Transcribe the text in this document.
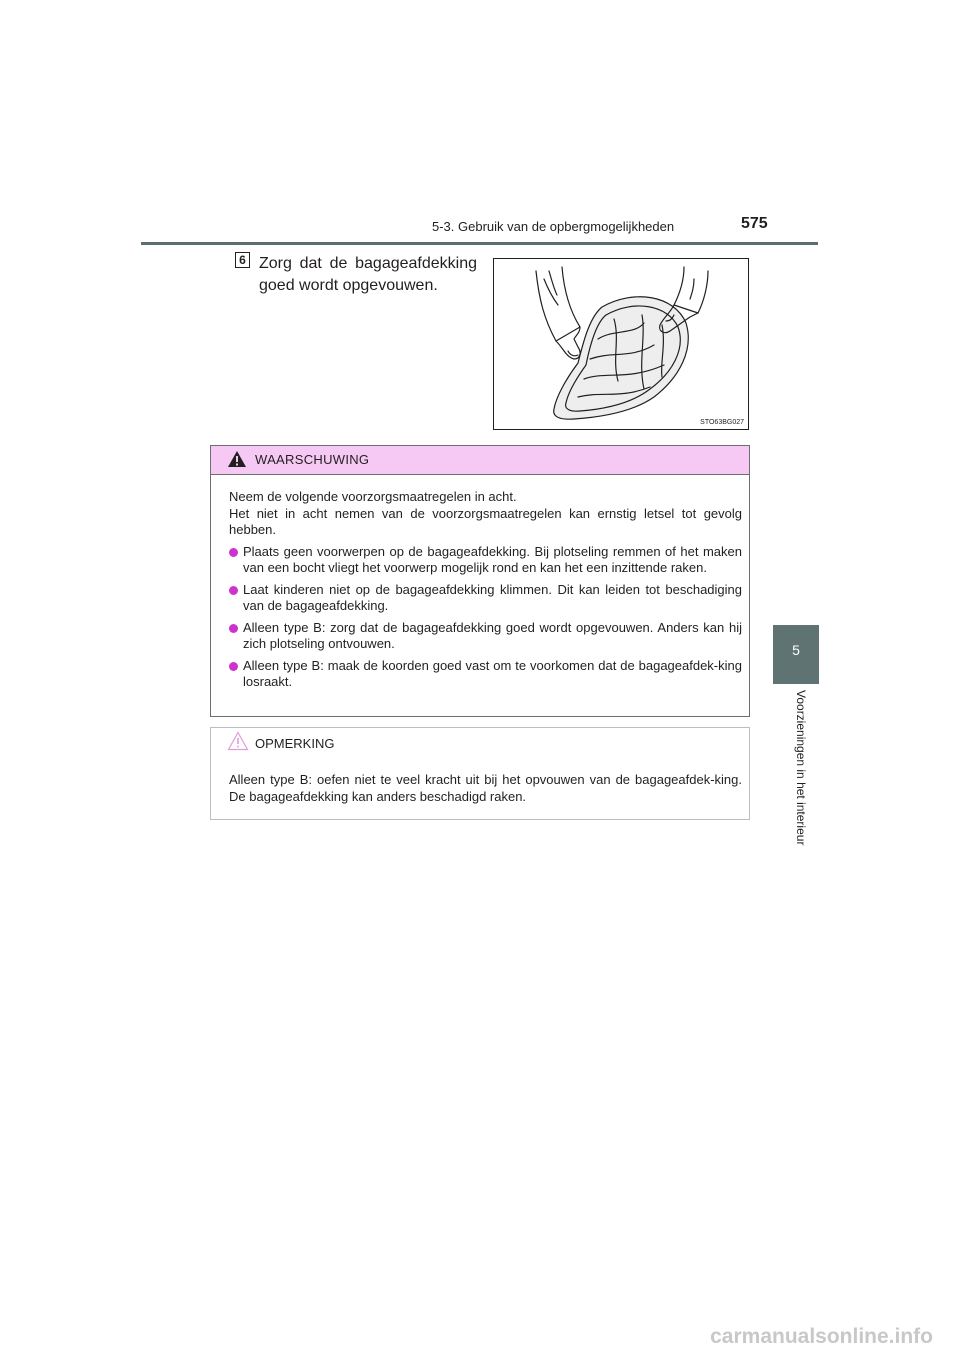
5-3. Gebruik van de opbergmogelijkheden	575
5
Voorzieningen in het interieur
6 Zorg dat de bagageafdekking
goed wordt opgevouwen.
STO63BG027
WAARSCHUWING

Neem de volgende voorzorgsmaatregelen in acht.

Het niet in acht nemen van de voorzorgsmaatregelen kan ernstig letsel tot gevolg hebben.

Plaats geen voorwerpen op de bagageafdekking. Bij plotseling remmen of het maken van een bocht vliegt het voorwerp mogelijk rond en kan het een inzittende raken.
Laat kinderen niet op de bagageafdekking klimmen. Dit kan leiden tot beschadiging van de bagageafdekking.
Alleen type B: zorg dat de bagageafdekking goed wordt opgevouwen. Anders kan hij zich plotseling ontvouwen.
Alleen type B: maak de koorden goed vast om te voorkomen dat de bagageafdek-king losraakt.
OPMERKING
Alleen type B: oefen niet te veel kracht uit bij het opvouwen van de bagageafdek-king. De bagageafdekking kan anders beschadigd raken.
carmanualsonline.info
